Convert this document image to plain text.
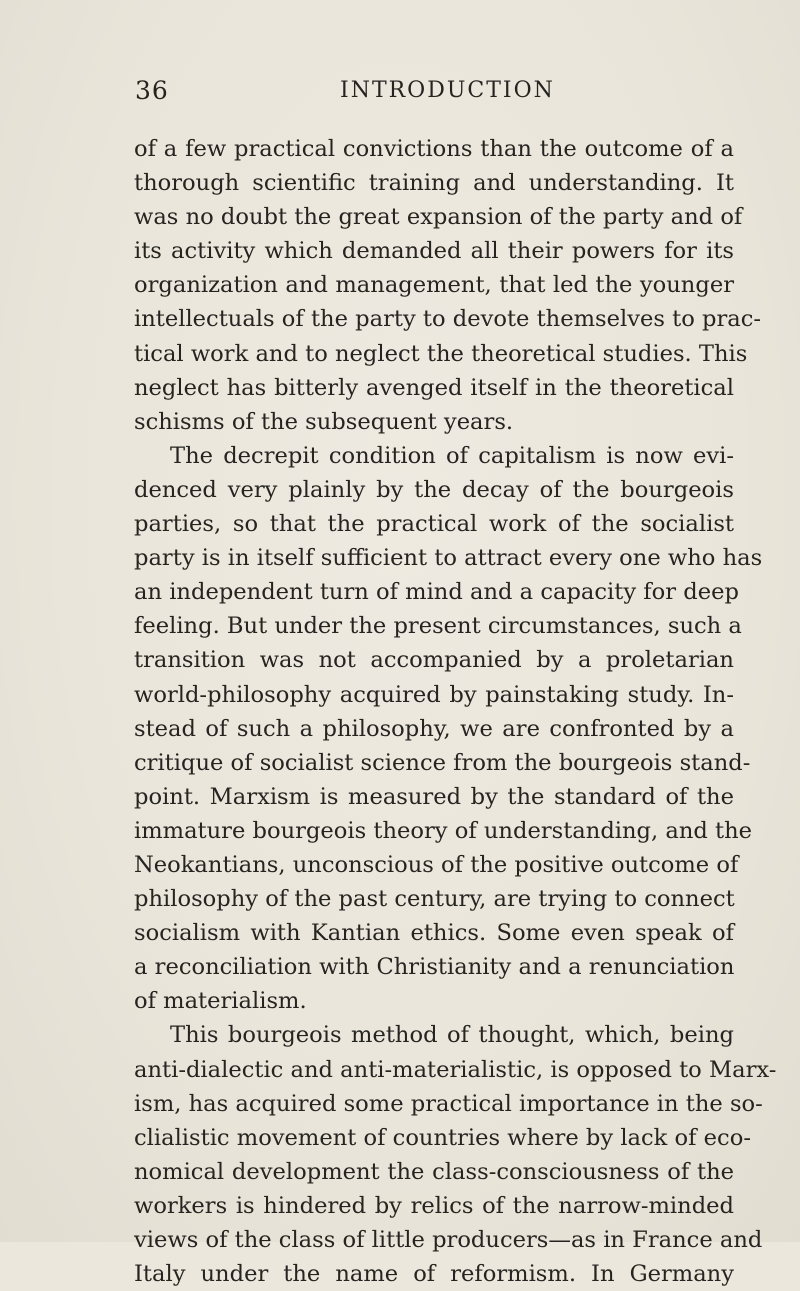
36	INTRODUCTION
of a few practical convictions than the outcome of a
thorough scientific training and understanding. It
was no doubt the great expansion of the party and of
its activity which demanded all their powers for its
organization and management, that led the younger
intellectuals of the party to devote themselves to prac-
tical work and to neglect the theoretical studies. This
neglect has bitterly avenged itself in the theoretical
schisms of the subsequent years.
The decrepit condition of capitalism is now evi-
denced very plainly by the decay of the bourgeois
parties, so that the practical work of the socialist
party is in itself sufficient to attract every one who has
an independent turn of mind and a capacity for deep
feeling. But under the present circumstances, such a
transition was not accompanied by a proletarian
world-philosophy acquired by painstaking study. In-
stead of such a philosophy, we are confronted by a
critique of socialist science from the bourgeois stand-
point. Marxism is measured by the standard of the
immature bourgeois theory of understanding, and the
Neokantians, unconscious of the positive outcome of
philosophy of the past century, are trying to connect
socialism with Kantian ethics. Some even speak of
a reconciliation with Christianity and a renunciation
of materialism.
This bourgeois method of thought, which, being
anti-dialectic and anti-materialistic, is opposed to Marx-
ism, has acquired some practical importance in the so-
clialistic movement of countries where by lack of eco-
nomical development the class-consciousness of the
workers is hindered by relics of the narrow-minded
views of the class of little producers—as in France and
Italy under the name of reformism. In Germany
